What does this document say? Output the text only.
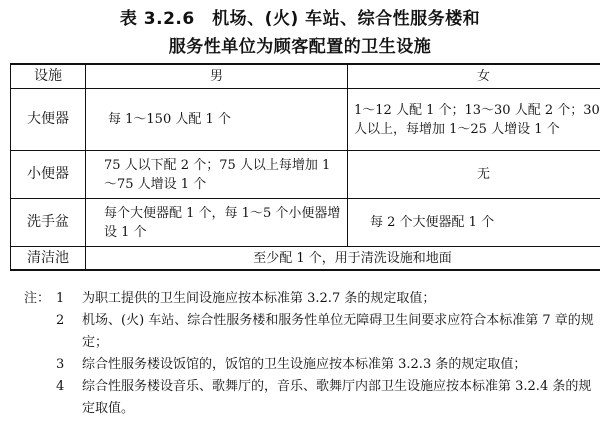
表 3.2.6　机场、(火) 车站、综合性服务楼和
服务性单位为顾客配置的卫生设施
设施	男	女
大便器	每 1～150 人配 1 个	1～12 人配 1 个；13～30 人配 2 个；30 人以上，每增加 1～25 人增设 1 个
小便器	75 人以下配 2 个；75 人以上每增加 1～75 人增设 1 个	无
洗手盆	每个大便器配 1 个，每 1～5 个小便器增设 1 个	每 2 个大便器配 1 个
清洁池	至少配 1 个，用于清洗设施和地面	
注： 1 为职工提供的卫生间设施应按本标准第 3.2.7 条的规定取值；
2 机场、(火) 车站、综合性服务楼和服务性单位无障碍卫生间要求应符合本标准第 7 章的规定；
3 综合性服务楼设饭馆的，饭馆的卫生设施应按本标准第 3.2.3 条的规定取值；
4 综合性服务楼设音乐、歌舞厅的，音乐、歌舞厅内部卫生设施应按本标准第 3.2.4 条的规定取值。
